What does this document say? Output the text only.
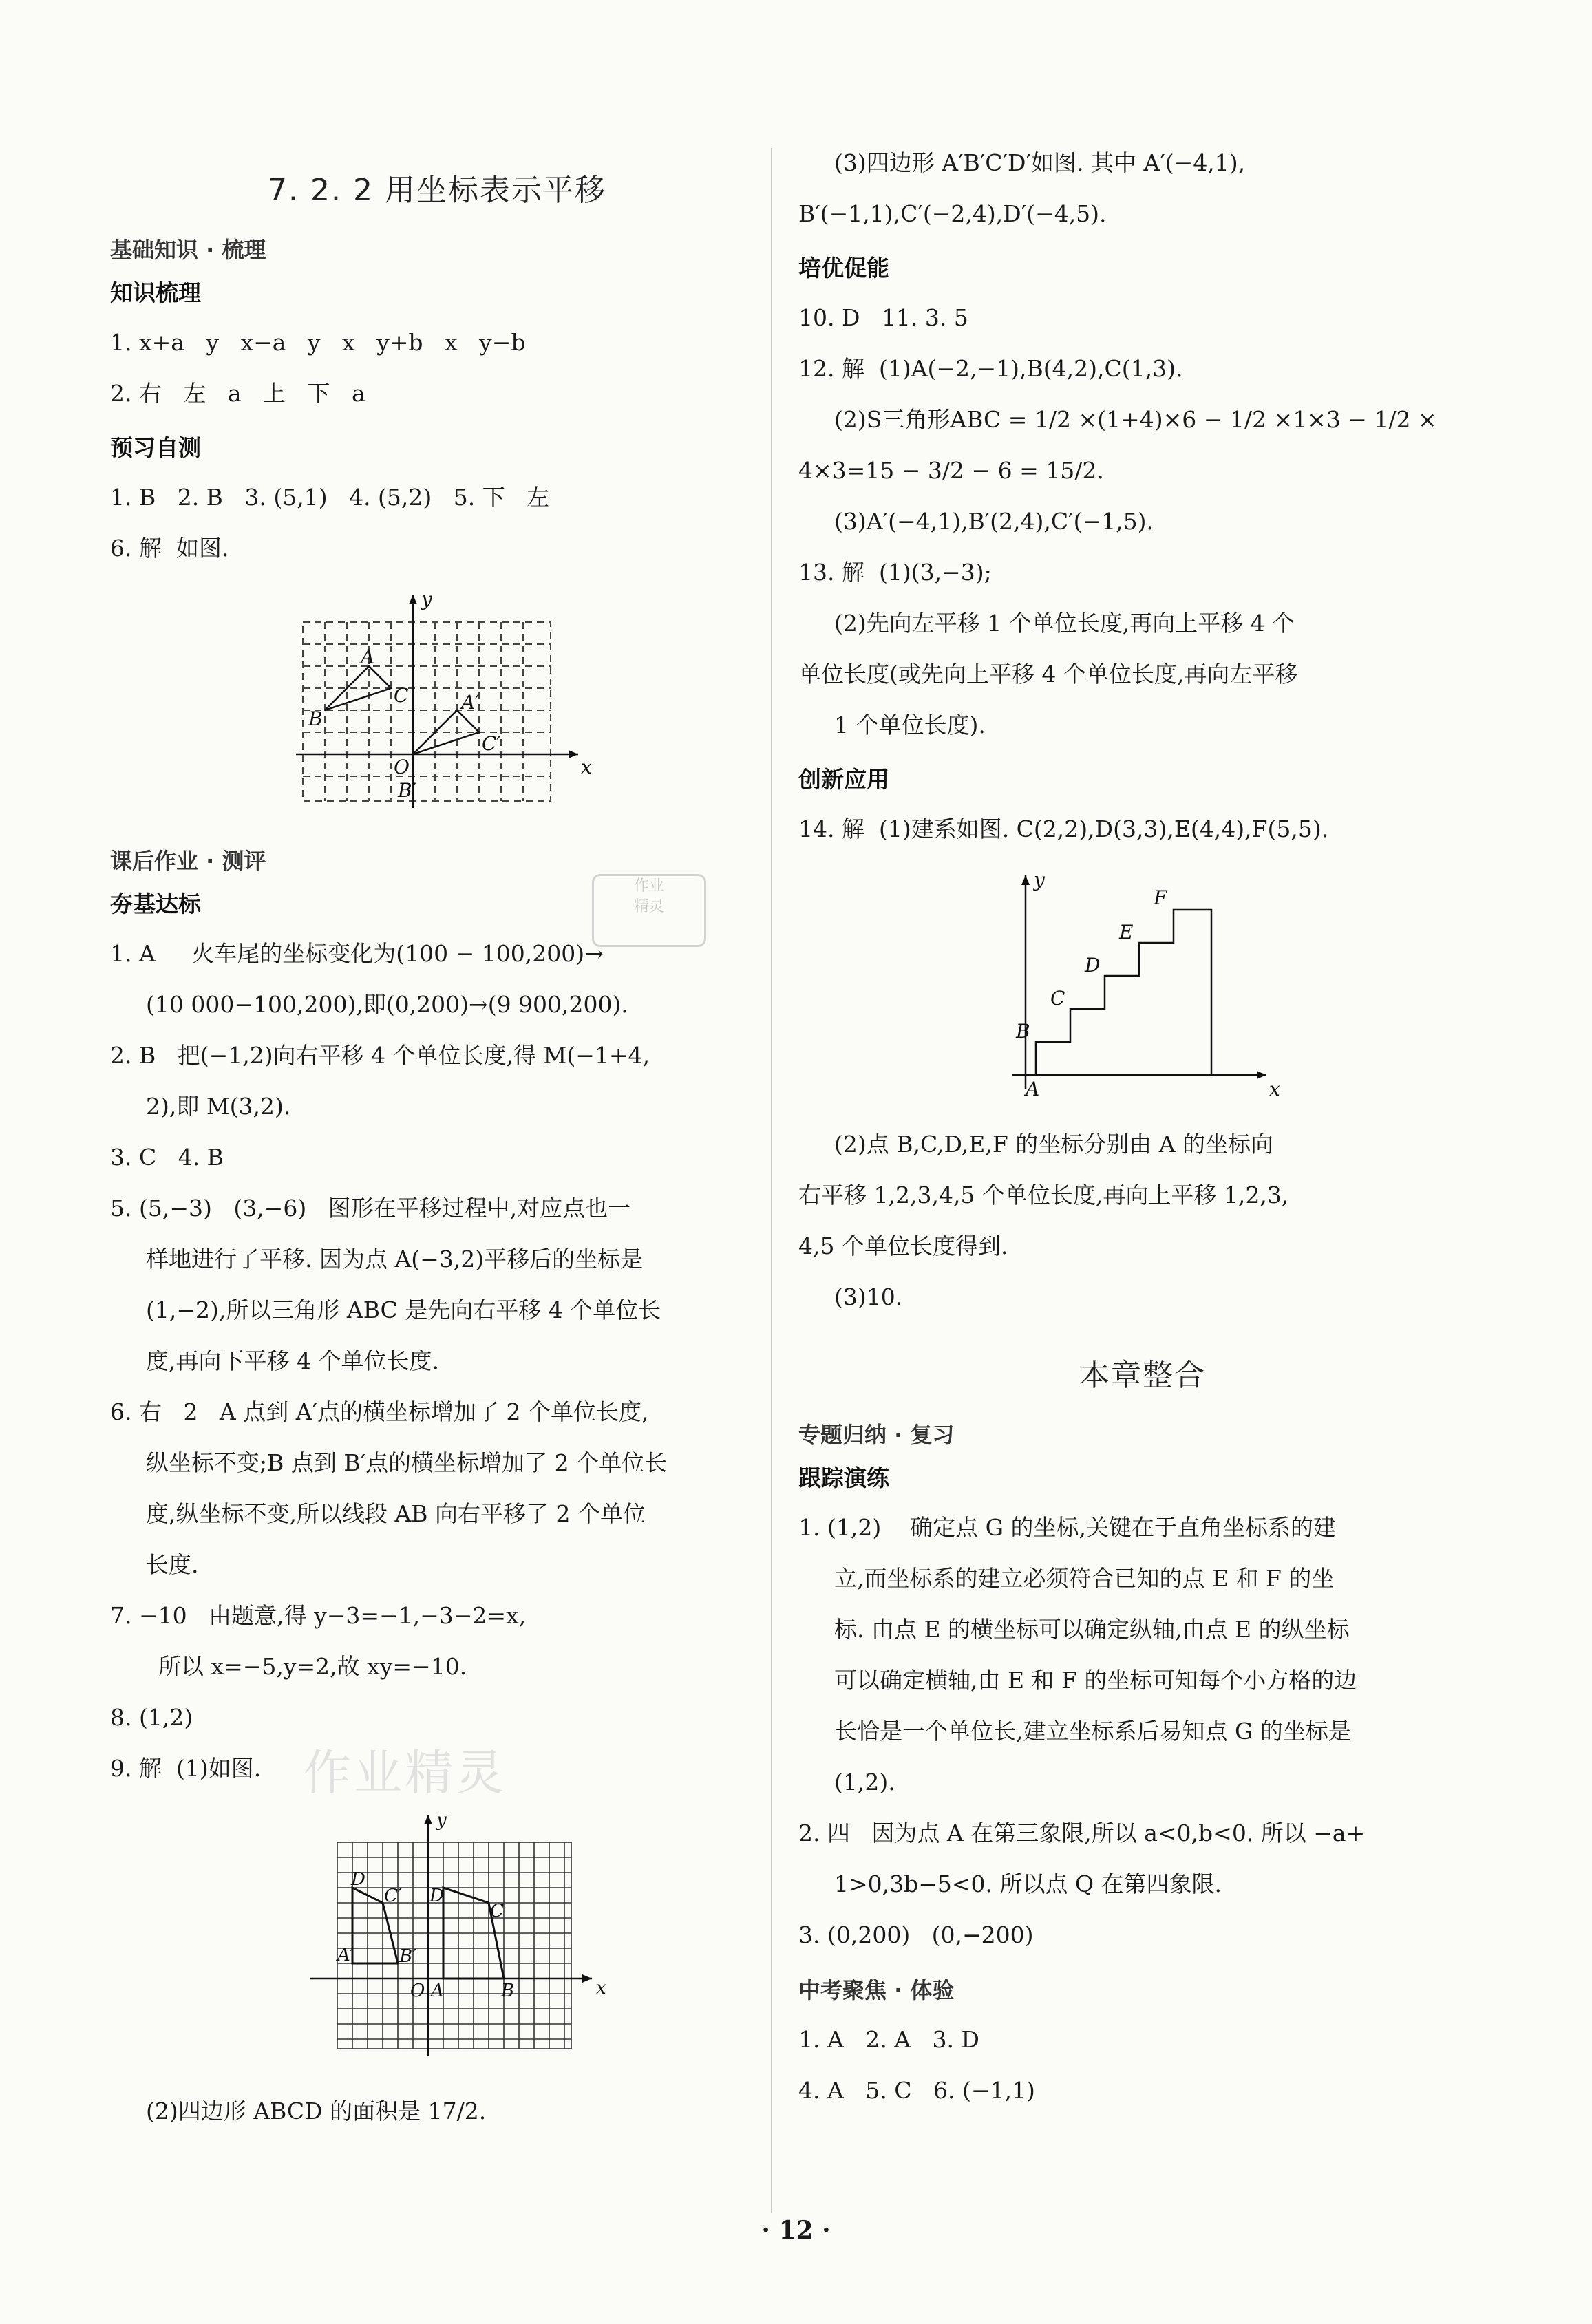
7. 2. 2 用坐标表示平移
基础知识 · 梳理
知识梳理
1. x+a   y   x−a   y   x   y+b   x   y−b
2. 右   左   a   上   下   a
预习自测
1. B   2. B   3. (5,1)   4. (5,2)   5. 下   左
6. 解  如图.
A
C
B
A′
O
C′
B′
x
y
课后作业 · 测评
夯基达标
1. A     火车尾的坐标变化为(100 − 100,200)→
(10 000−100,200),即(0,200)→(9 900,200).
2. B   把(−1,2)向右平移 4 个单位长度,得 M(−1+4,
2),即 M(3,2).
3. C   4. B
5. (5,−3)   (3,−6)   图形在平移过程中,对应点也一
样地进行了平移. 因为点 A(−3,2)平移后的坐标是
(1,−2),所以三角形 ABC 是先向右平移 4 个单位长
度,再向下平移 4 个单位长度.
6. 右   2   A 点到 A′点的横坐标增加了 2 个单位长度,
纵坐标不变;B 点到 B′点的横坐标增加了 2 个单位长
度,纵坐标不变,所以线段 AB 向右平移了 2 个单位
长度.
7. −10   由题意,得 y−3=−1,−3−2=x,
所以 x=−5,y=2,故 xy=−10.
8. (1,2)
9. 解  (1)如图.
D
C′ D
C
A′	B′
O A	B	x
y
(2)四边形 ABCD 的面积是 17/2.
(3)四边形 A′B′C′D′如图. 其中 A′(−4,1),
B′(−1,1),C′(−2,4),D′(−4,5).
培优促能
10. D   11. 3. 5
12. 解  (1)A(−2,−1),B(4,2),C(1,3).
(2)S三角形ABC = 1/2 ×(1+4)×6 − 1/2 ×1×3 − 1/2 ×
4×3=15 − 3/2 − 6 = 15/2.
(3)A′(−4,1),B′(2,4),C′(−1,5).
13. 解  (1)(3,−3);
(2)先向左平移 1 个单位长度,再向上平移 4 个
单位长度(或先向上平移 4 个单位长度,再向左平移
1 个单位长度).
创新应用
14. 解  (1)建系如图. C(2,2),D(3,3),E(4,4),F(5,5).
y
F
E
D
C
B
A	x
(2)点 B,C,D,E,F 的坐标分别由 A 的坐标向
右平移 1,2,3,4,5 个单位长度,再向上平移 1,2,3,
4,5 个单位长度得到.
(3)10.
本章整合
专题归纳 · 复习
跟踪演练
1. (1,2)    确定点 G 的坐标,关键在于直角坐标系的建
立,而坐标系的建立必须符合已知的点 E 和 F 的坐
标. 由点 E 的横坐标可以确定纵轴,由点 E 的纵坐标
可以确定横轴,由 E 和 F 的坐标可知每个小方格的边
长恰是一个单位长,建立坐标系后易知点 G 的坐标是
(1,2).
2. 四   因为点 A 在第三象限,所以 a<0,b<0. 所以 −a+
1>0,3b−5<0. 所以点 Q 在第四象限.
3. (0,200)   (0,−200)
中考聚焦 · 体验
1. A   2. A   3. D
4. A   5. C   6. (−1,1)
作业
精灵
作业精灵
· 12 ·
